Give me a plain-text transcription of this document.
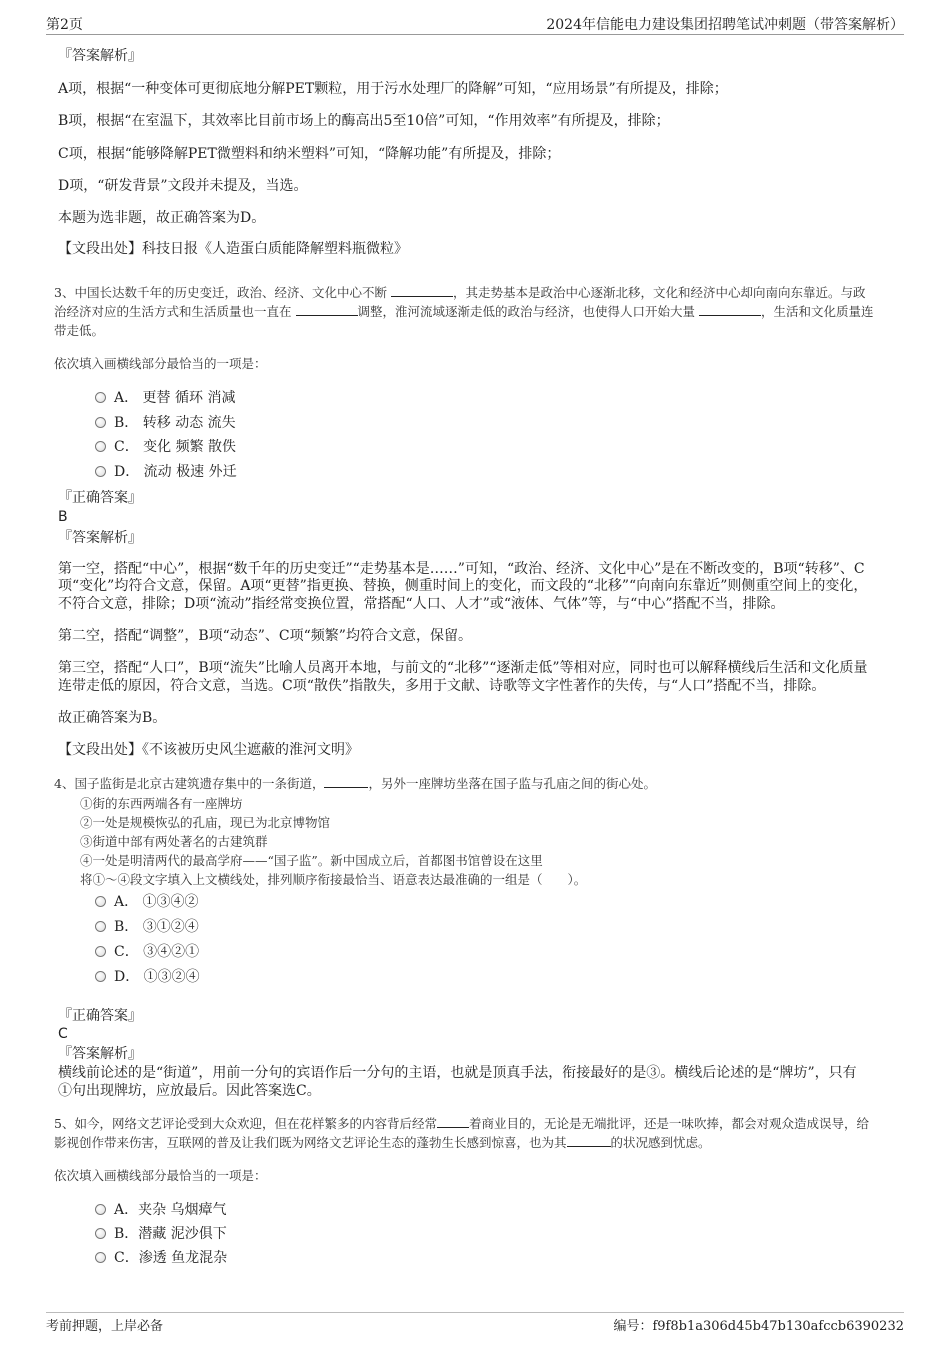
第2页	2024年信能电力建设集团招聘笔试冲刺题（带答案解析）
『答案解析』
A项，根据“一种变体可更彻底地分解PET颗粒，用于污水处理厂的降解”可知，“应用场景”有所提及，排除；
B项，根据“在室温下，其效率比目前市场上的酶高出5至10倍”可知，“作用效率”有所提及，排除；
C项，根据“能够降解PET微塑料和纳米塑料”可知，“降解功能”有所提及，排除；
D项，“研发背景”文段并未提及，当选。
本题为选非题，故正确答案为D。
【文段出处】科技日报《人造蛋白质能降解塑料瓶微粒》
3、中国长达数千年的历史变迁，政治、经济、文化中心不断	，其走势基本是政治中心逐渐北移，文化和经济中心却向南向东靠近。与政
治经济对应的生活方式和生活质量也一直在	调整，淮河流域逐渐走低的政治与经济，也使得人口开始大量	，生活和文化质量连
带走低。
依次填入画横线部分最恰当的一项是：
A． 更替 循环 消减
B． 转移 动态 流失
C． 变化 频繁 散佚
D． 流动 极速 外迁
『正确答案』
B
『答案解析』
第一空，搭配“中心”，根据“数千年的历史变迁”“走势基本是……”可知，“政治、经济、文化中心”是在不断改变的，B项“转移”、C
项“变化”均符合文意，保留。A项“更替”指更换、替换，侧重时间上的变化，而文段的“北移”“向南向东靠近”则侧重空间上的变化，
不符合文意，排除；D项“流动”指经常变换位置，常搭配“人口、人才”或“液体、气体”等，与“中心”搭配不当，排除。
第二空，搭配“调整”，B项“动态”、C项“频繁”均符合文意，保留。
第三空，搭配“人口”，B项“流失”比喻人员离开本地，与前文的“北移”“逐渐走低”等相对应，同时也可以解释横线后生活和文化质量
连带走低的原因，符合文意，当选。C项“散佚”指散失，多用于文献、诗歌等文字性著作的失传，与“人口”搭配不当，排除。
故正确答案为B。
【文段出处】《不该被历史风尘遮蔽的淮河文明》
4、国子监街是北京古建筑遗存集中的一条街道，	，另外一座牌坊坐落在国子监与孔庙之间的街心处。
①街的东西两端各有一座牌坊
②一处是规模恢弘的孔庙，现已为北京博物馆
③街道中部有两处著名的古建筑群
④一处是明清两代的最高学府——“国子监”。新中国成立后，首都图书馆曾设在这里
将①～④段文字填入上文横线处，排列顺序衔接最恰当、语意表达最准确的一组是（　　）。
A． ①③④②
B． ③①②④
C． ③④②①
D． ①③②④
『正确答案』
C
『答案解析』
横线前论述的是“街道”，用前一分句的宾语作后一分句的主语，也就是顶真手法，衔接最好的是③。横线后论述的是“牌坊”，只有
①句出现牌坊，应放最后。因此答案选C。
5、如今，网络文艺评论受到大众欢迎，但在花样繁多的内容背后经常	着商业目的，无论是无端批评，还是一味吹捧，都会对观众造成误导，给
影视创作带来伤害，互联网的普及让我们既为网络文艺评论生态的蓬勃生长感到惊喜，也为其	的状况感到忧虑。
依次填入画横线部分最恰当的一项是：
A．夹杂 乌烟瘴气
B．潜藏 泥沙俱下
C．渗透 鱼龙混杂
考前押题，上岸必备	编号：f9f8b1a306d45b47b130afccb6390232
